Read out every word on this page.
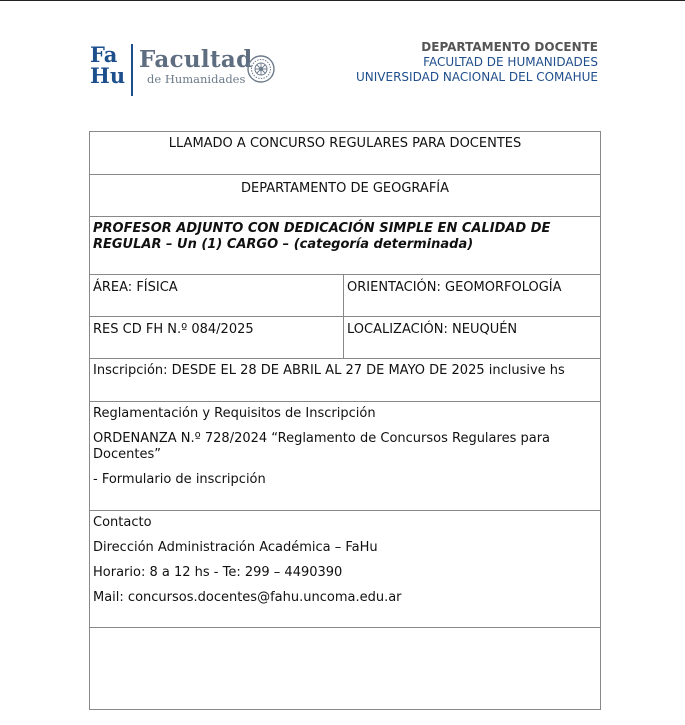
Fa
Hu
Facultad
de Humanidades
DEPARTAMENTO DOCENTE
FACULTAD DE HUMANIDADES
UNIVERSIDAD NACIONAL DEL COMAHUE
LLAMADO A CONCURSO REGULARES PARA DOCENTES
DEPARTAMENTO DE GEOGRAFÍA
PROFESOR ADJUNTO CON DEDICACIÓN SIMPLE EN CALIDAD DE REGULAR – Un (1) CARGO – (categoría determinada)
ÁREA: FÍSICA	ORIENTACIÓN: GEOMORFOLOGÍA
RES CD FH N.º 084/2025	LOCALIZACIÓN: NEUQUÉN
Inscripción: DESDE EL 28 DE ABRIL AL 27 DE MAYO DE 2025 inclusive hs

Reglamentación y Requisitos de Inscripción

ORDENANZA N.º 728/2024 “Reglamento de Concursos Regulares para Docentes”

- Formulario de inscripción

Contacto

Dirección Administración Académica – FaHu

Horario: 8 a 12 hs - Te: 299 – 4490390

Mail: concursos.docentes@fahu.uncoma.edu.ar
